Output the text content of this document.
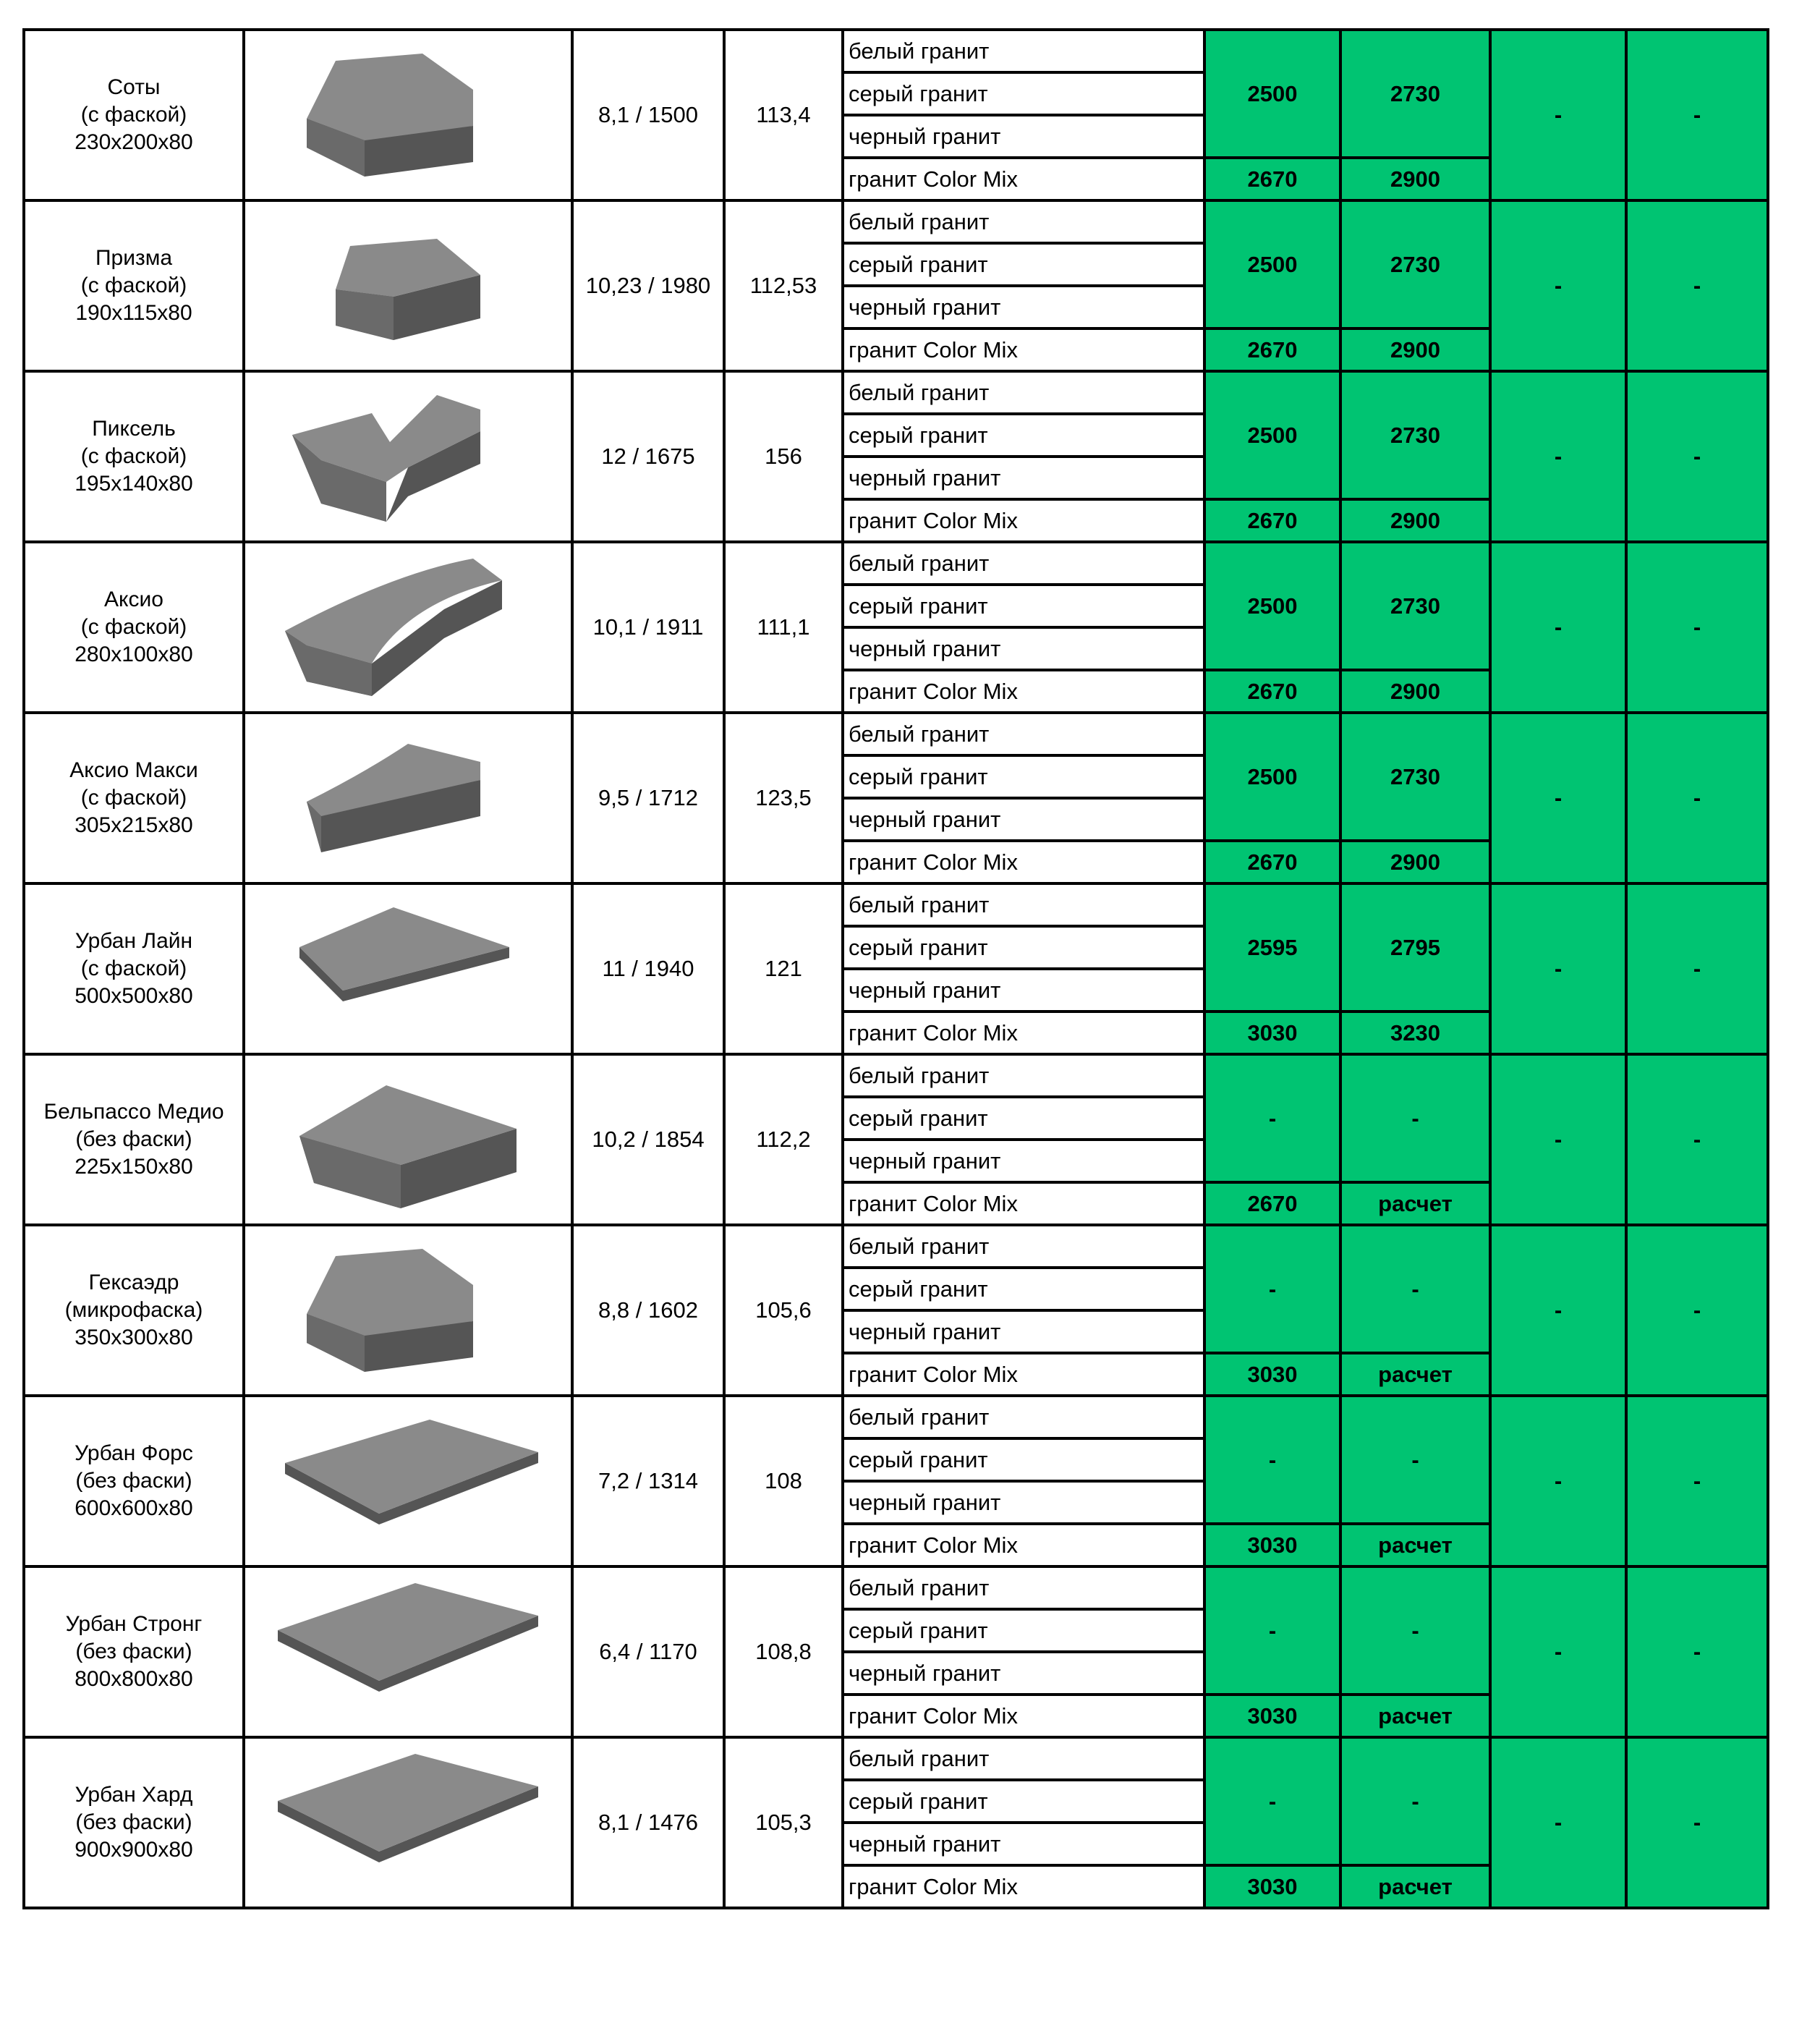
Соты
(с фаской)
230х200х80		8,1 / 1500	113,4	белый гранит	2500	2730	-	-
				серый гранит				
				черный гранит				
				гранит Color Mix	2670	2900		

Призма
(с фаской)
190х115х80		10,23 / 1980	112,53	белый гранит	2500	2730	-	-
				серый гранит				
				черный гранит				
				гранит Color Mix	2670	2900		

Пиксель
(с фаской)
195х140х80		12 / 1675	156	белый гранит	2500	2730	-	-
				серый гранит				
				черный гранит				
				гранит Color Mix	2670	2900		

Аксио
(с фаской)
280х100х80		10,1 / 1911	111,1	белый гранит	2500	2730	-	-
				серый гранит				
				черный гранит				
				гранит Color Mix	2670	2900		

Аксио Макси
(с фаской)
305х215х80		9,5 / 1712	123,5	белый гранит	2500	2730	-	-
				серый гранит				
				черный гранит				
				гранит Color Mix	2670	2900		

Урбан Лайн
(с фаской)
500х500х80		11 / 1940	121	белый гранит	2595	2795	-	-
				серый гранит				
				черный гранит				
				гранит Color Mix	3030	3230		

Бельпассо Медио
(без фаски)
225х150х80		10,2 / 1854	112,2	белый гранит	-	-	-	-
				серый гранит				
				черный гранит				
				гранит Color Mix	2670	расчет		

Гексаэдр
(микрофаска)
350х300х80		8,8 / 1602	105,6	белый гранит	-	-	-	-
				серый гранит				
				черный гранит				
				гранит Color Mix	3030	расчет		

Урбан Форс
(без фаски)
600х600х80		7,2 / 1314	108	белый гранит	-	-	-	-
				серый гранит				
				черный гранит				
				гранит Color Mix	3030	расчет		

Урбан Стронг
(без фаски)
800х800х80		6,4 / 1170	108,8	белый гранит	-	-	-	-
				серый гранит				
				черный гранит				
				гранит Color Mix	3030	расчет		

Урбан Хард
(без фаски)
900х900х80		8,1 / 1476	105,3	белый гранит	-	-	-	-
				серый гранит				
				черный гранит				
				гранит Color Mix	3030	расчет		
